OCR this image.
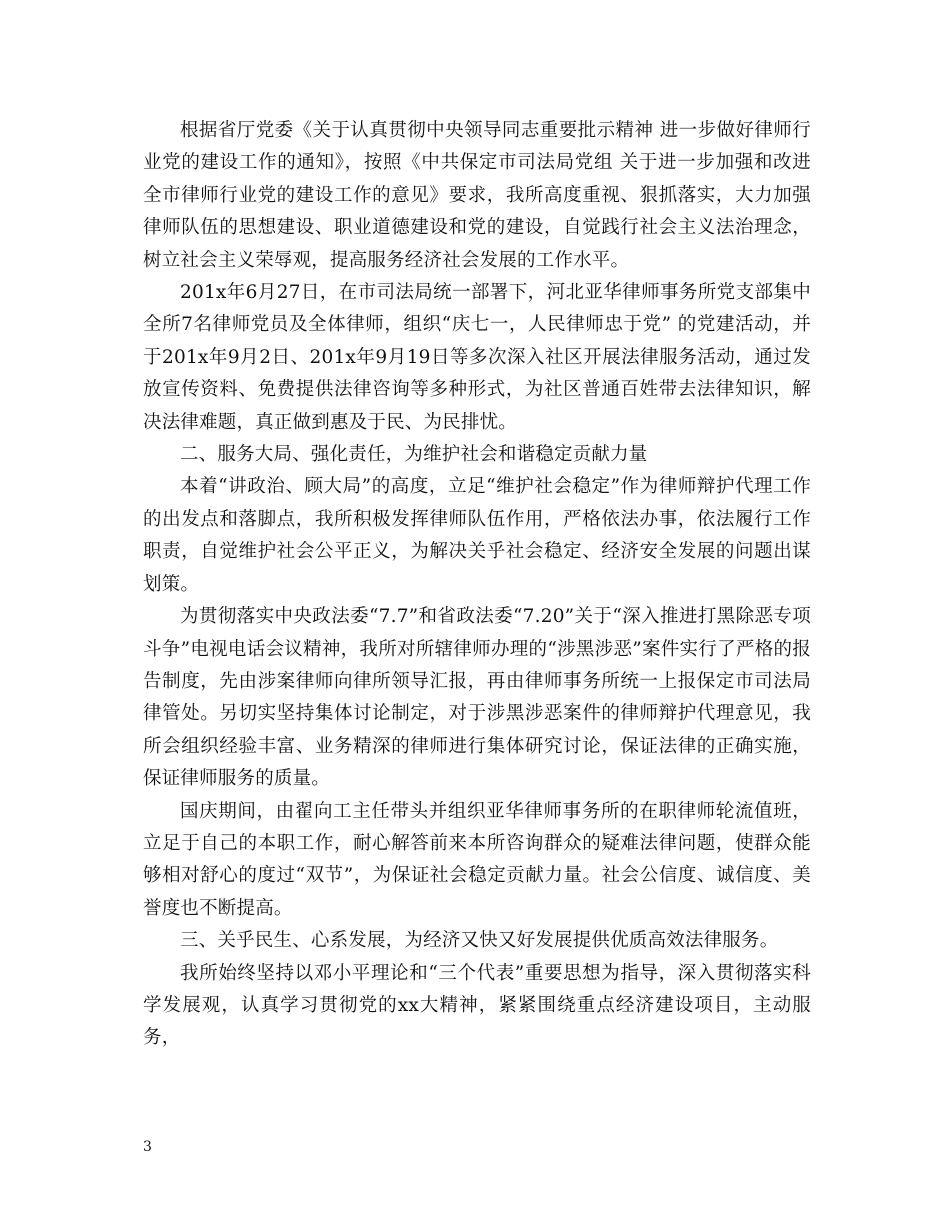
根据省厅党委《关于认真贯彻中央领导同志重要批示精神 进一步做好律师行业党的建设工作的通知》，按照《中共保定市司法局党组 关于进一步加强和改进全市律师行业党的建设工作的意见》要求，我所高度重视、狠抓落实，大力加强律师队伍的思想建设、职业道德建设和党的建设，自觉践行社会主义法治理念，树立社会主义荣辱观，提高服务经济社会发展的工作水平。

201x年6月27日，在市司法局统一部署下，河北亚华律师事务所党支部集中全所7名律师党员及全体律师，组织“庆七一，人民律师忠于党” 的党建活动，并于201x年9月2日、201x年9月19日等多次深入社区开展法律服务活动，通过发放宣传资料、免费提供法律咨询等多种形式，为社区普通百姓带去法律知识，解决法律难题，真正做到惠及于民、为民排忧。

二、服务大局、强化责任，为维护社会和谐稳定贡献力量

本着“讲政治、顾大局”的高度，立足“维护社会稳定”作为律师辩护代理工作的出发点和落脚点，我所积极发挥律师队伍作用，严格依法办事，依法履行工作职责，自觉维护社会公平正义，为解决关乎社会稳定、经济安全发展的问题出谋划策。

为贯彻落实中央政法委“7.7”和省政法委“7.20”关于“深入推进打黑除恶专项斗争”电视电话会议精神，我所对所辖律师办理的“涉黑涉恶”案件实行了严格的报告制度，先由涉案律师向律所领导汇报，再由律师事务所统一上报保定市司法局律管处。另切实坚持集体讨论制定，对于涉黑涉恶案件的律师辩护代理意见，我所会组织经验丰富、业务精深的律师进行集体研究讨论，保证法律的正确实施，保证律师服务的质量。

国庆期间，由翟向工主任带头并组织亚华律师事务所的在职律师轮流值班，立足于自己的本职工作，耐心解答前来本所咨询群众的疑难法律问题，使群众能够相对舒心的度过“双节”，为保证社会稳定贡献力量。社会公信度、诚信度、美誉度也不断提高。

三、关乎民生、心系发展，为经济又快又好发展提供优质高效法律服务。

我所始终坚持以邓小平理论和“三个代表”重要思想为指导，深入贯彻落实科学发展观，认真学习贯彻党的xx大精神，紧紧围绕重点经济建设项目，主动服务，

3
